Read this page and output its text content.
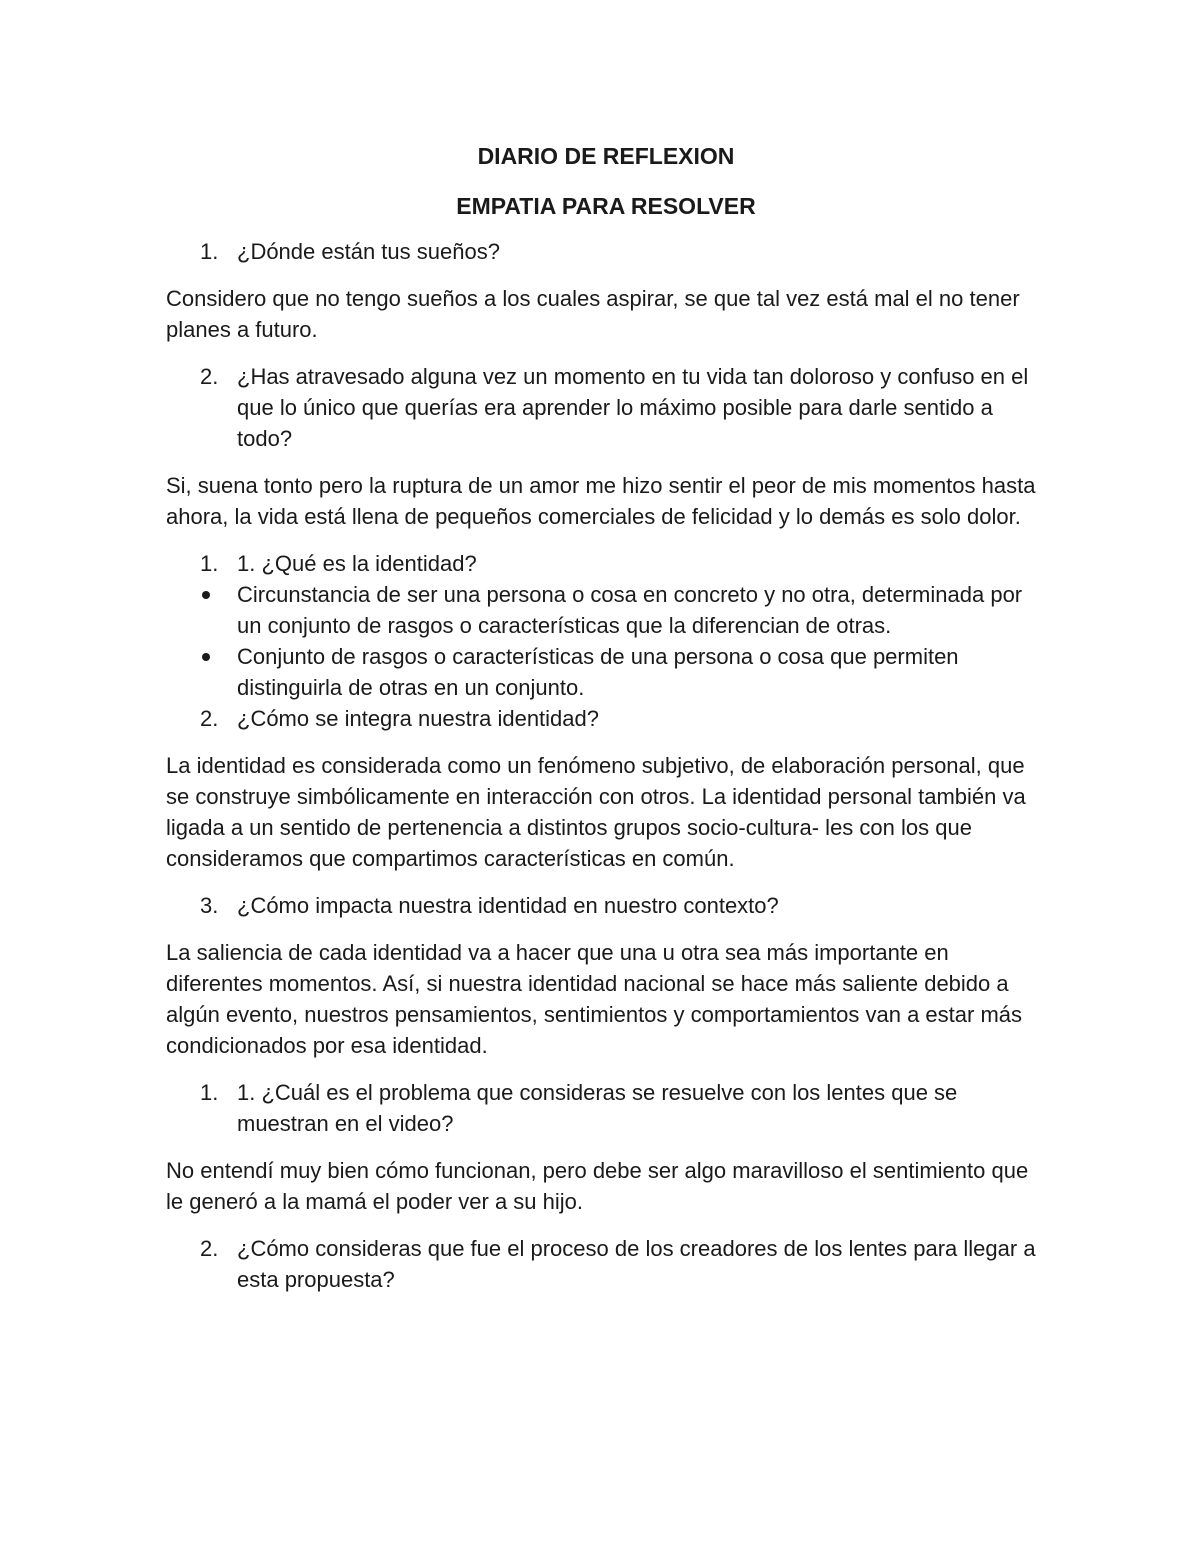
DIARIO DE REFLEXION
EMPATIA PARA RESOLVER
1. ¿Dónde están tus sueños?

Considero que no tengo sueños a los cuales aspirar, se que tal vez está mal el no tener planes a futuro.

2. ¿Has atravesado alguna vez un momento en tu vida tan doloroso y confuso en el que lo único que querías era aprender lo máximo posible para darle sentido a todo?

Si, suena tonto pero la ruptura de un amor me hizo sentir el peor de mis momentos hasta ahora, la vida está llena de pequeños comerciales de felicidad y lo demás es solo dolor.

1. 1. ¿Qué es la identidad?
Circunstancia de ser una persona o cosa en concreto y no otra, determinada por un conjunto de rasgos o características que la diferencian de otras.
Conjunto de rasgos o características de una persona o cosa que permiten distinguirla de otras en un conjunto.
2. ¿Cómo se integra nuestra identidad?

La identidad es considerada como un fenómeno subjetivo, de elaboración personal, que se construye simbólicamente en interacción con otros. La identidad personal también va ligada a un sentido de pertenencia a distintos grupos socio-cultura- les con los que consideramos que compartimos características en común.

3. ¿Cómo impacta nuestra identidad en nuestro contexto?

La saliencia de cada identidad va a hacer que una u otra sea más importante en diferentes momentos. Así, si nuestra identidad nacional se hace más saliente debido a algún evento, nuestros pensamientos, sentimientos y comportamientos van a estar más condicionados por esa identidad.

1. 1. ¿Cuál es el problema que consideras se resuelve con los lentes que se muestran en el video?

No entendí muy bien cómo funcionan, pero debe ser algo maravilloso el sentimiento que le generó a la mamá el poder ver a su hijo.

2. ¿Cómo consideras que fue el proceso de los creadores de los lentes para llegar a esta propuesta?
